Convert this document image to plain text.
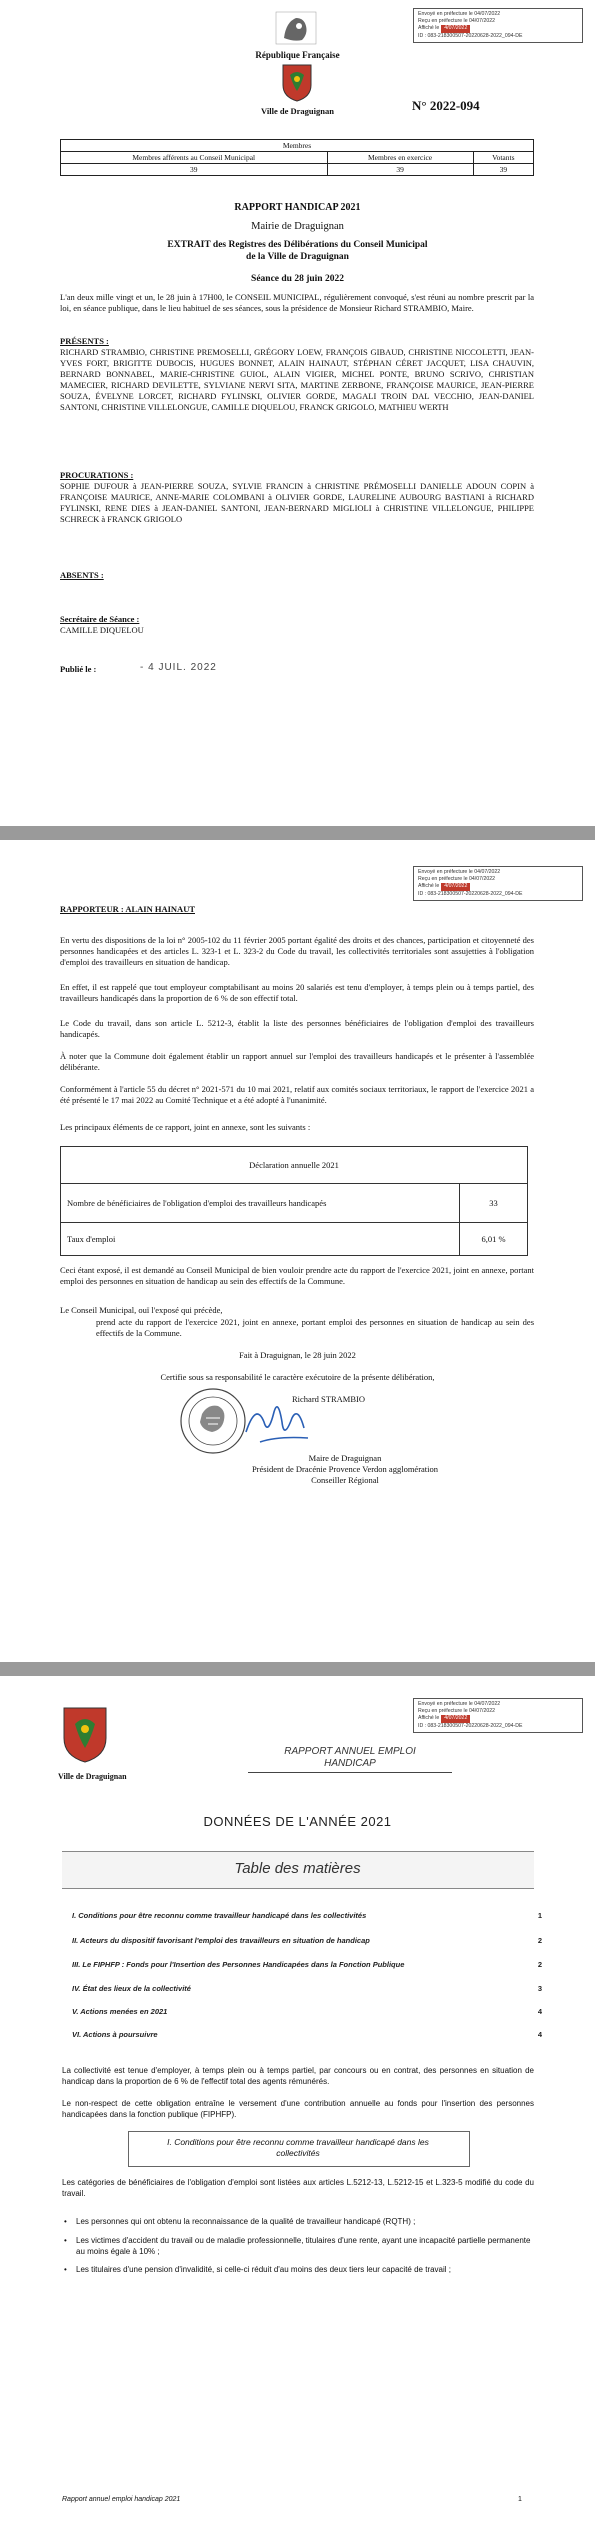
Envoyé en préfecture le 04/07/2022
Reçu en préfecture le 04/07/2022
Affiché le 4/07/2022
ID : 083-218300507-20220628-2022_094-DE
République Française
Ville de Draguignan	N° 2022-094
Membres		
Membres afférents au Conseil Municipal	Membres en exercice	Votants
39	39	39
RAPPORT HANDICAP 2021
Mairie de Draguignan
EXTRAIT des Registres des Délibérations du Conseil Municipal
de la Ville de Draguignan
Séance du 28 juin 2022
L'an deux mille vingt et un, le 28 juin à 17H00, le CONSEIL MUNICIPAL, régulièrement convoqué, s'est réuni au nombre prescrit par la loi, en séance publique, dans le lieu habituel de ses séances, sous la présidence de Monsieur Richard STRAMBIO, Maire.
PRÉSENTS :
RICHARD STRAMBIO, CHRISTINE PREMOSELLI, GRÉGORY LOEW, FRANÇOIS GIBAUD, CHRISTINE NICCOLETTI, JEAN-YVES FORT, BRIGITTE DUBOCIS, HUGUES BONNET, ALAIN HAINAUT, STÉPHAN CÉRET JACQUET, LISA CHAUVIN, BERNARD BONNABEL, MARIE-CHRISTINE GUIOL, ALAIN VIGIER, MICHEL PONTE, BRUNO SCRIVO, CHRISTIAN MAMECIER, RICHARD DEVILETTE, SYLVIANE NERVI SITA, MARTINE ZERBONE, FRANÇOISE MAURICE, JEAN-PIERRE SOUZA, ÉVELYNE LORCET, RICHARD FYLINSKI, OLIVIER GORDE, MAGALI TROIN DAL VECCHIO, JEAN-DANIEL SANTONI, CHRISTINE VILLELONGUE, CAMILLE DIQUELOU, FRANCK GRIGOLO, MATHIEU WERTH
PROCURATIONS :
SOPHIE DUFOUR à JEAN-PIERRE SOUZA, SYLVIE FRANCIN à CHRISTINE PRÉMOSELLI DANIELLE ADOUN COPIN à FRANÇOISE MAURICE, ANNE-MARIE COLOMBANI à OLIVIER GORDE, LAURELINE AUBOURG BASTIANI à RICHARD FYLINSKI, RENE DIES à JEAN-DANIEL SANTONI, JEAN-BERNARD MIGLIOLI à CHRISTINE VILLELONGUE, PHILIPPE SCHRECK à FRANCK GRIGOLO
ABSENTS :
Secrétaire de Séance :
CAMILLE DIQUELOU
Publié le :	- 4 JUIL. 2022
Envoyé en préfecture le 04/07/2022
Reçu en préfecture le 04/07/2022
Affiché le 4/07/2022
ID : 083-218300507-20220628-2022_094-DE
RAPPORTEUR : ALAIN HAINAUT
En vertu des dispositions de la loi n° 2005-102 du 11 février 2005 portant égalité des droits et des chances, participation et citoyenneté des personnes handicapées et des articles L. 323-1 et L. 323-2 du Code du travail, les collectivités territoriales sont assujetties à l'obligation d'emploi des travailleurs en situation de handicap.
En effet, il est rappelé que tout employeur comptabilisant au moins 20 salariés est tenu d'employer, à temps plein ou à temps partiel, des travailleurs handicapés dans la proportion de 6 % de son effectif total.
Le Code du travail, dans son article L. 5212-3, établit la liste des personnes bénéficiaires de l'obligation d'emploi des travailleurs handicapés.
À noter que la Commune doit également établir un rapport annuel sur l'emploi des travailleurs handicapés et le présenter à l'assemblée délibérante.
Conformément à l'article 55 du décret n° 2021-571 du 10 mai 2021, relatif aux comités sociaux territoriaux, le rapport de l'exercice 2021 a été présenté le 17 mai 2022 au Comité Technique et a été adopté à l'unanimité.
Les principaux éléments de ce rapport, joint en annexe, sont les suivants :
Déclaration annuelle 2021	
Nombre de bénéficiaires de l'obligation d'emploi des travailleurs handicapés	33
Taux d'emploi	6,01 %
Ceci étant exposé, il est demandé au Conseil Municipal de bien vouloir prendre acte du rapport de l'exercice 2021, joint en annexe, portant emploi des personnes en situation de handicap au sein des effectifs de la Commune.
Le Conseil Municipal, ouï l'exposé qui précède,
prend acte du rapport de l'exercice 2021, joint en annexe, portant emploi des personnes en situation de handicap au sein des effectifs de la Commune.
Fait à Draguignan, le 28 juin 2022
Certifie sous sa responsabilité le caractère exécutoire de la présente délibération,
Richard STRAMBIO
Maire de Draguignan
Président de Dracénie Provence Verdon agglomération
Conseiller Régional
Envoyé en préfecture le 04/07/2022
Reçu en préfecture le 04/07/2022
Affiché le 4/07/2022
ID : 083-218300507-20220628-2022_094-DE
Ville de Draguignan
RAPPORT ANNUEL EMPLOI
HANDICAP
DONNÉES DE L'ANNÉE 2021
Table des matières
I. Conditions pour être reconnu comme travailleur handicapé dans les collectivités	1
II. Acteurs du dispositif favorisant l'emploi des travailleurs en situation de handicap	2
III. Le FIPHFP : Fonds pour l'Insertion des Personnes Handicapées dans la Fonction Publique	2
IV. État des lieux de la collectivité	3
V. Actions menées en 2021	4
VI. Actions à poursuivre	4
La collectivité est tenue d'employer, à temps plein ou à temps partiel, par concours ou en contrat, des personnes en situation de handicap dans la proportion de 6 % de l'effectif total des agents rémunérés.
Le non-respect de cette obligation entraîne le versement d'une contribution annuelle au fonds pour l'insertion des personnes handicapées dans la fonction publique (FIPHFP).
I. Conditions pour être reconnu comme travailleur handicapé dans les
collectivités
Les catégories de bénéficiaires de l'obligation d'emploi sont listées aux articles L.5212-13, L.5212-15 et L.323-5 modifié du code du travail.
• Les personnes qui ont obtenu la reconnaissance de la qualité de travailleur handicapé (RQTH) ;
• Les victimes d'accident du travail ou de maladie professionnelle, titulaires d'une rente, ayant une incapacité partielle permanente au moins égale à 10% ;
• Les titulaires d'une pension d'invalidité, si celle-ci réduit d'au moins des deux tiers leur capacité de travail ;
Rapport annuel emploi handicap 2021	1
